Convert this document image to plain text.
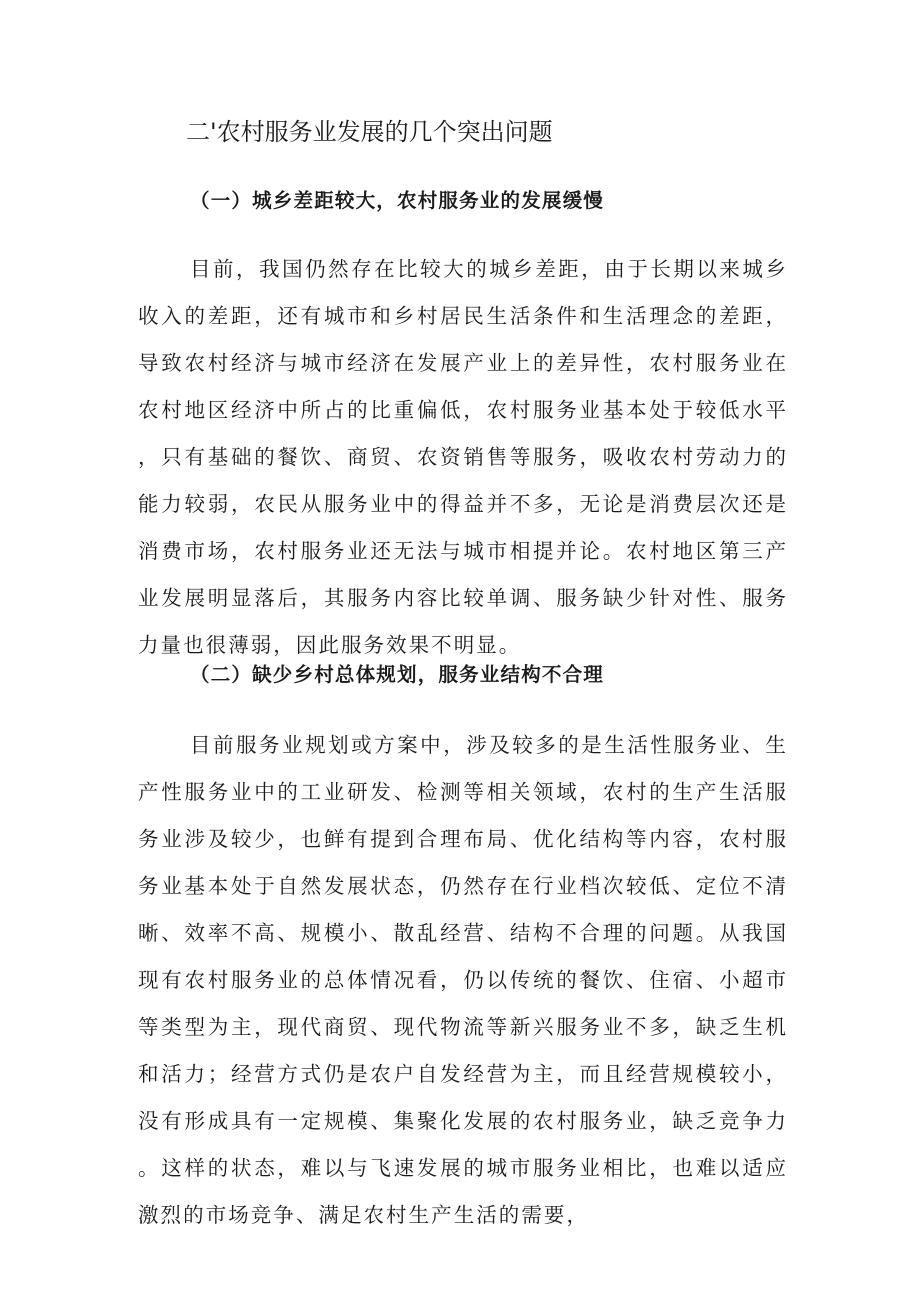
二'农村服务业发展的几个突出问题
（一）城乡差距较大，农村服务业的发展缓慢

目前，我国仍然存在比较大的城乡差距，由于长期以来城乡收入的差距，还有城市和乡村居民生活条件和生活理念的差距，导致农村经济与城市经济在发展产业上的差异性，农村服务业在农村地区经济中所占的比重偏低，农村服务业基本处于较低水平，只有基础的餐饮、商贸、农资销售等服务，吸收农村劳动力的能力较弱，农民从服务业中的得益并不多，无论是消费层次还是消费市场，农村服务业还无法与城市相提并论。农村地区第三产业发展明显落后，其服务内容比较单调、服务缺少针对性、服务力量也很薄弱，因此服务效果不明显。

（二）缺少乡村总体规划，服务业结构不合理

目前服务业规划或方案中，涉及较多的是生活性服务业、生产性服务业中的工业研发、检测等相关领域，农村的生产生活服务业涉及较少，也鲜有提到合理布局、优化结构等内容，农村服务业基本处于自然发展状态，仍然存在行业档次较低、定位不清晰、效率不高、规模小、散乱经营、结构不合理的问题。从我国现有农村服务业的总体情况看，仍以传统的餐饮、住宿、小超市等类型为主，现代商贸、现代物流等新兴服务业不多，缺乏生机和活力；经营方式仍是农户自发经营为主，而且经营规模较小，没有形成具有一定规模、集聚化发展的农村服务业，缺乏竞争力。这样的状态，难以与飞速发展的城市服务业相比，也难以适应激烈的市场竞争、满足农村生产生活的需要，
